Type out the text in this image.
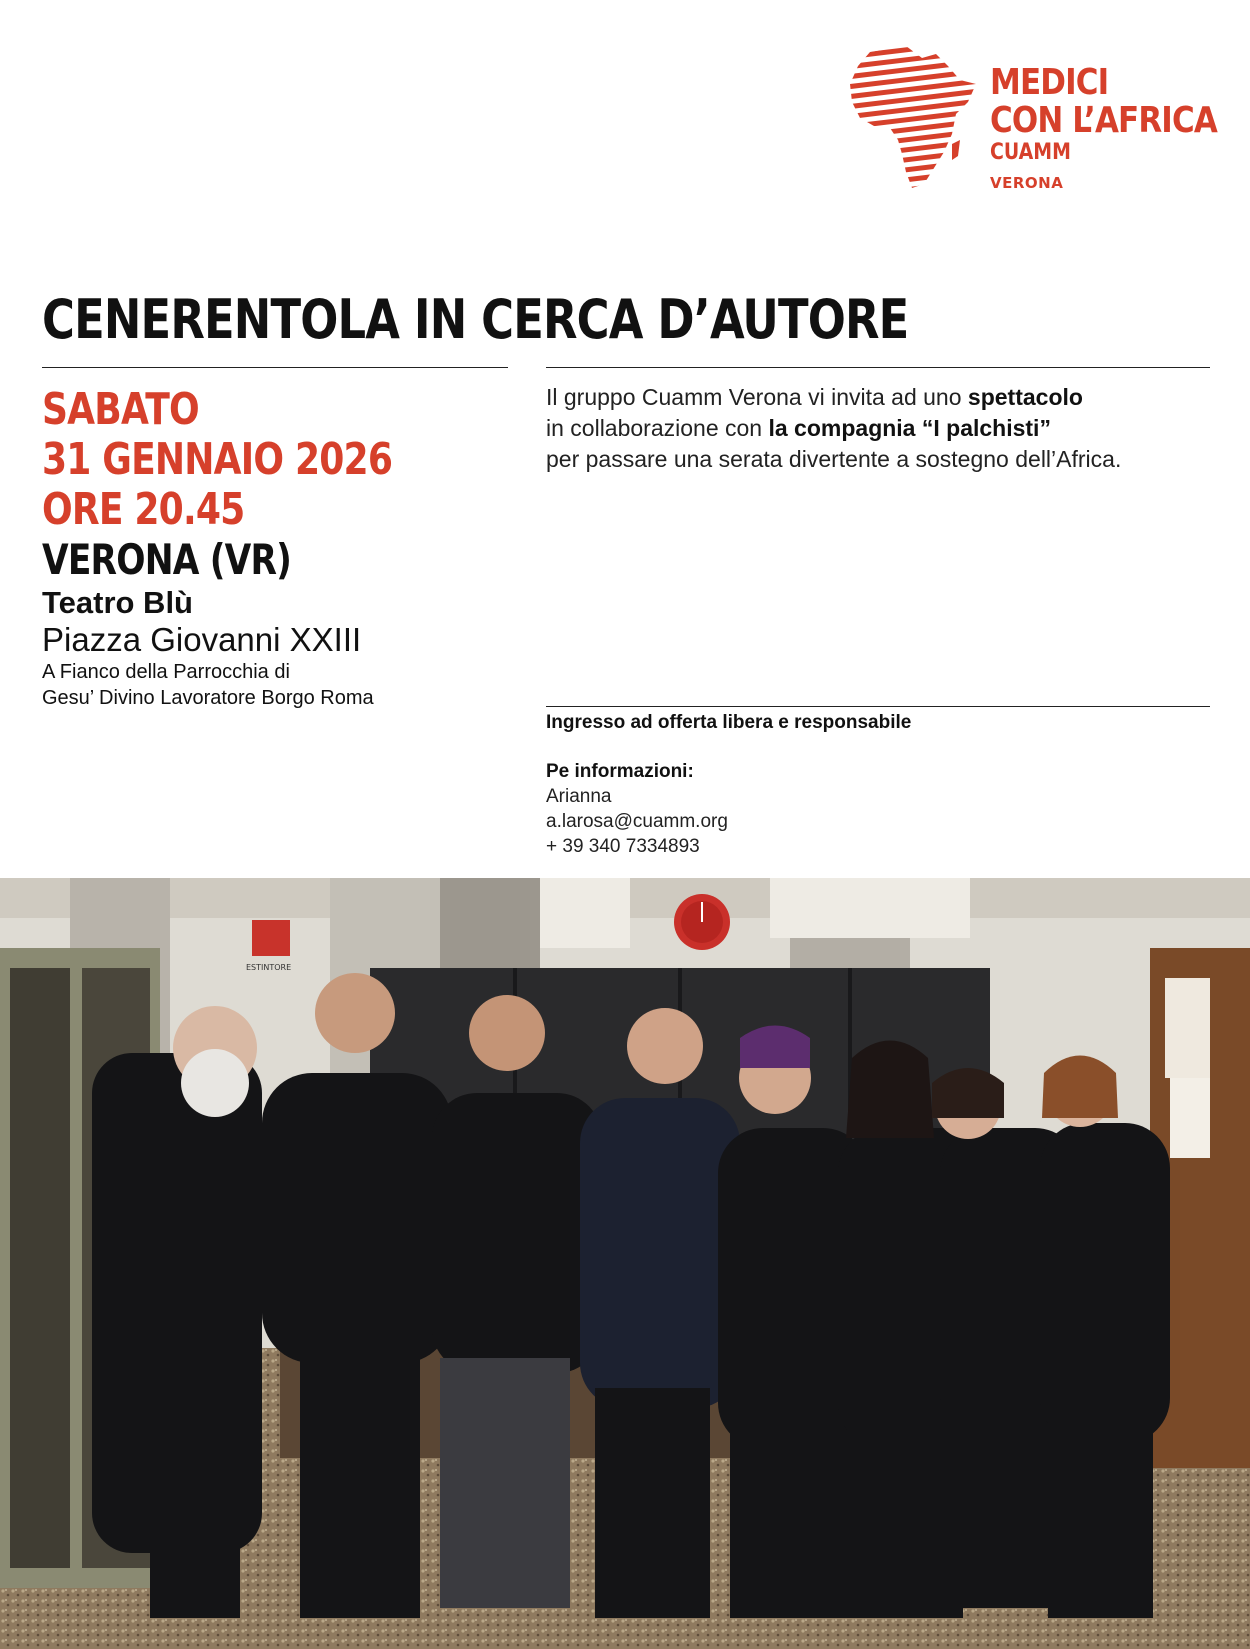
MEDICI
CON L’AFRICA
CUAMM
VERONA
CENERENTOLA IN CERCA D’AUTORE
SABATO
31 GENNAIO 2026
ORE 20.45
VERONA (VR)
Teatro Blù
Piazza Giovanni XXIII
A Fianco della Parrocchia di
Gesu’ Divino Lavoratore Borgo Roma
Il gruppo Cuamm Verona vi invita ad uno spettacolo
in collaborazione con la compagnia “I palchisti”
per passare una serata divertente a sostegno dell’Africa.
Ingresso ad offerta libera e responsabile
Pe informazioni:
Arianna
a.larosa@cuamm.org
+ 39 340 7334893
ESTINTORE
